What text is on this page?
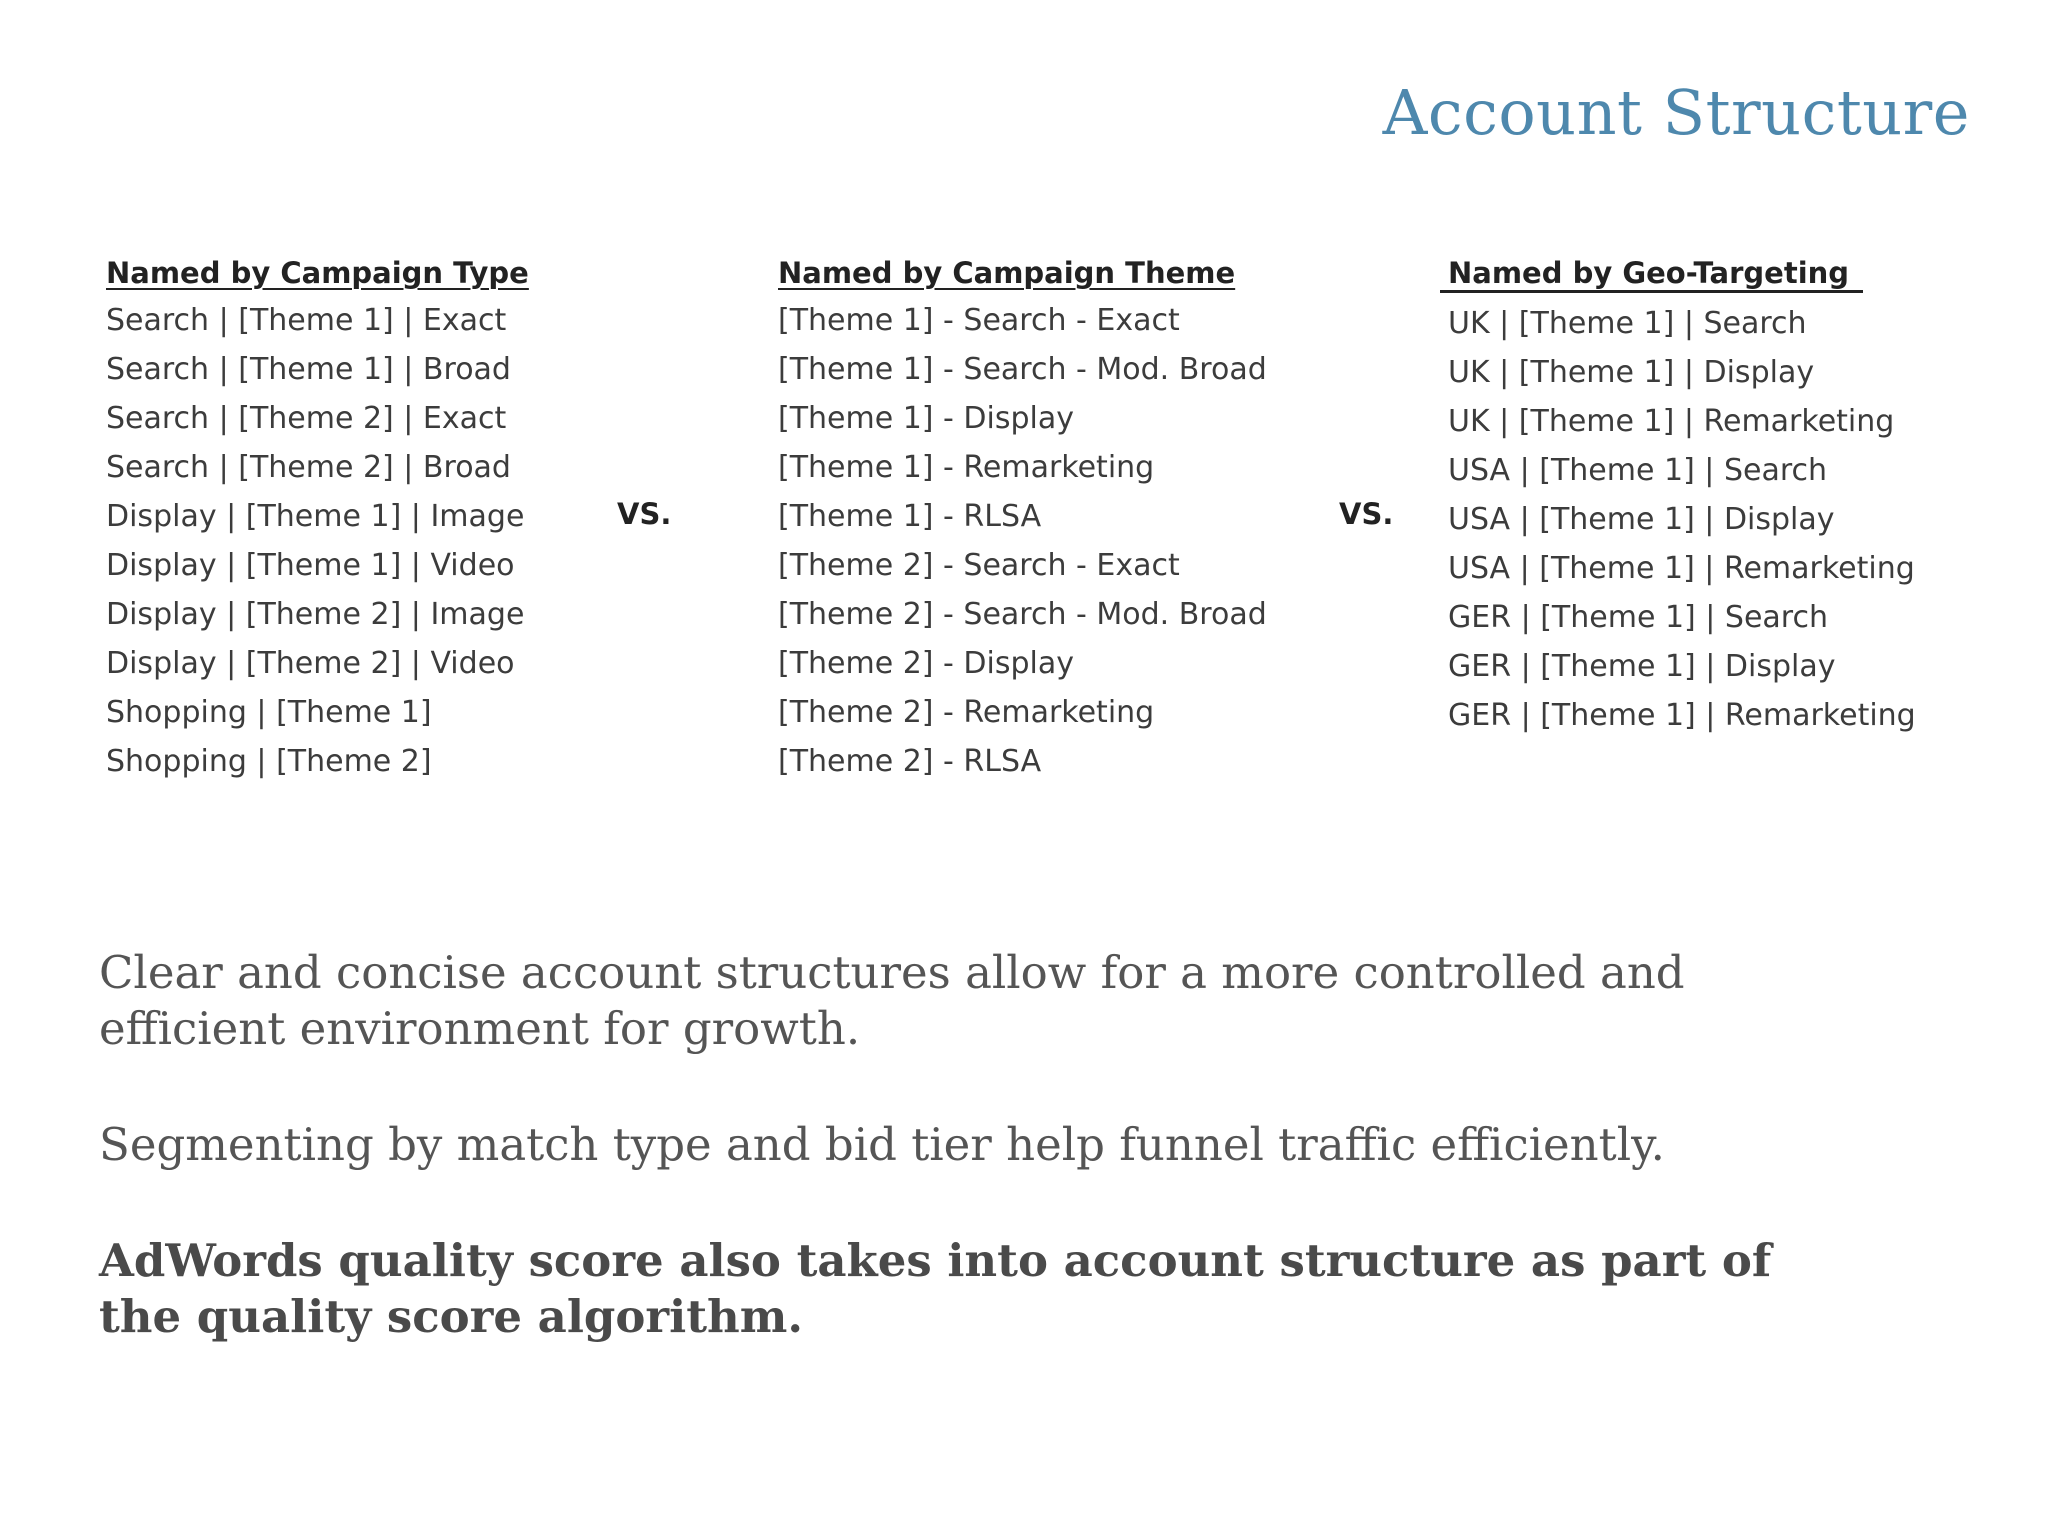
Account Structure
Named by Campaign Type
Search | [Theme 1] | Exact
Search | [Theme 1] | Broad
Search | [Theme 2] | Exact
Search | [Theme 2] | Broad
Display | [Theme 1] | Image
Display | [Theme 1] | Video
Display | [Theme 2] | Image
Display | [Theme 2] | Video
Shopping | [Theme 1]
Shopping | [Theme 2]
VS.
Named by Campaign Theme
[Theme 1] - Search - Exact
[Theme 1] - Search - Mod. Broad
[Theme 1] - Display
[Theme 1] - Remarketing
[Theme 1] - RLSA
[Theme 2] - Search - Exact
[Theme 2] - Search - Mod. Broad
[Theme 2] - Display
[Theme 2] - Remarketing
[Theme 2] - RLSA
VS.
Named by Geo-Targeting
UK | [Theme 1] | Search
UK | [Theme 1] | Display
UK | [Theme 1] | Remarketing
USA | [Theme 1] | Search
USA | [Theme 1] | Display
USA | [Theme 1] | Remarketing
GER | [Theme 1] | Search
GER | [Theme 1] | Display
GER | [Theme 1] | Remarketing

Clear and concise account structures allow for a more controlled and efficient environment for growth.

Segmenting by match type and bid tier help funnel traffic efficiently.

AdWords quality score also takes into account structure as part of the quality score algorithm.
